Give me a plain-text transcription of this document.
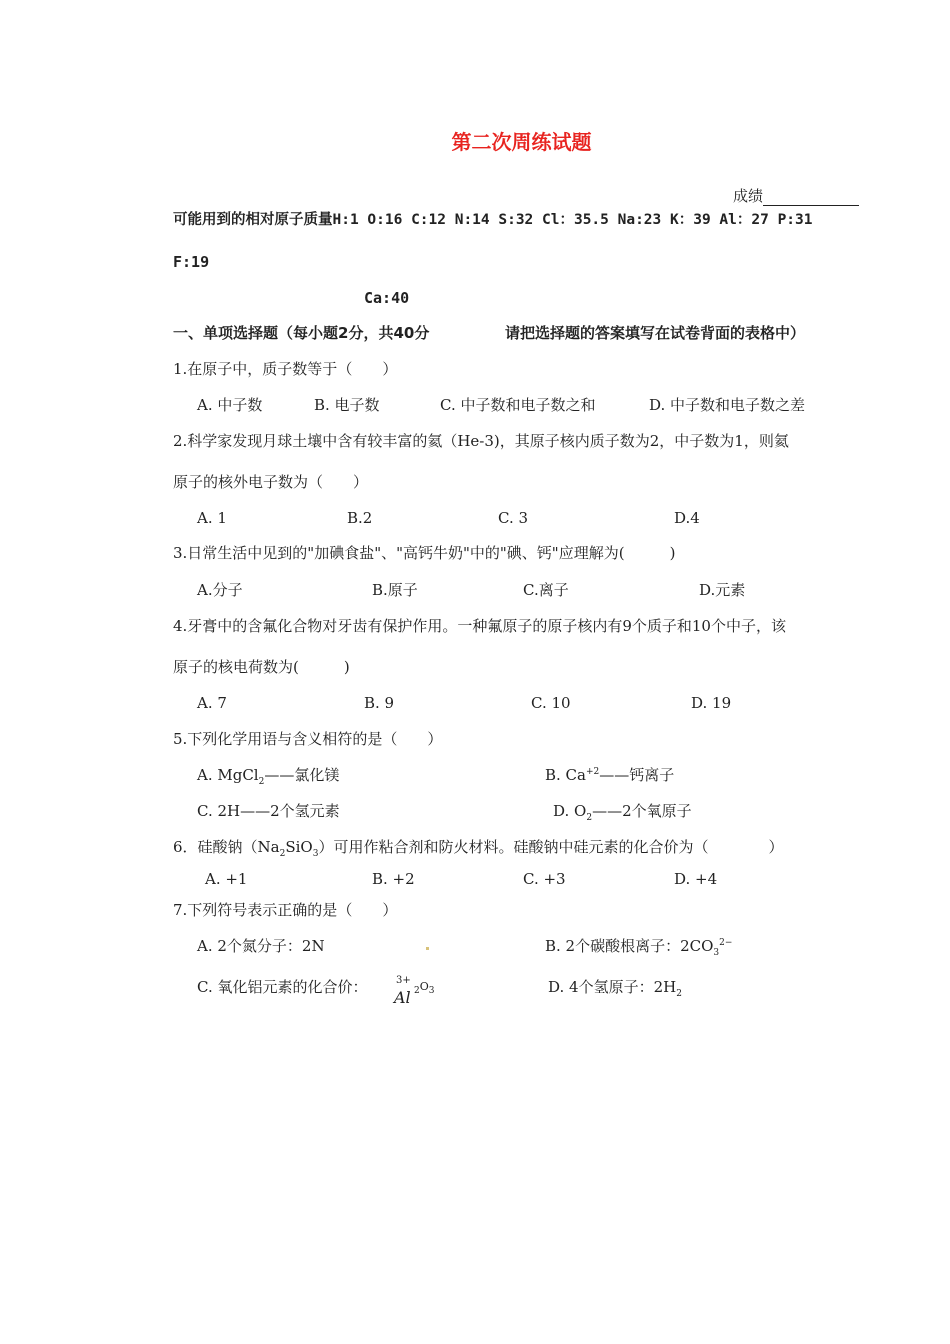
第二次周练试题
成绩
可能用到的相对原子质量H:1 O:16 C:12 N:14 S:32 Cl：35.5 Na:23 K：39 Al：27 P:31
F:19
Ca:40
一、单项选择题（每小题2分，共40分	请把选择题的答案填写在试卷背面的表格中）
1.在原子中，质子数等于（　　）
A. 中子数	B. 电子数	C. 中子数和电子数之和	D. 中子数和电子数之差
2.科学家发现月球土壤中含有较丰富的氦（He-3)，其原子核内质子数为2，中子数为1，则氦
原子的核外电子数为（　　）
A. 1	B.2	C. 3	D.4
3.日常生活中见到的"加碘食盐"、"高钙牛奶"中的"碘、钙"应理解为(　　　)
A.分子	B.原子	C.离子	D.元素
4.牙膏中的含氟化合物对牙齿有保护作用。一种氟原子的原子核内有9个质子和10个中子，该
原子的核电荷数为(　　　)
A. 7	B. 9	C. 10	D. 19
5.下列化学用语与含义相符的是（　　）
A. MgCl$_2$——氯化镁	B. $Ca^{+2}——$钙离子
C. 2H——2个氢元素	D. $O_2——2$个氧原子
6．硅酸钠$(Na_2SiO_3)$可用作粘合剂和防火材料。硅酸钠中硅元素的化合价为（　　　　）
A. +1	B. +2	C. +3	D. +4
7.下列符号表示正确的是（　　）
A. 2个氮分子：2N	B. 2个碳酸根离子：$2CO_3^{2-}$
C. 氧化铝元素的化合价：	3+
Al $_2O_3$	D. 4个氢原子：$2H_2$
